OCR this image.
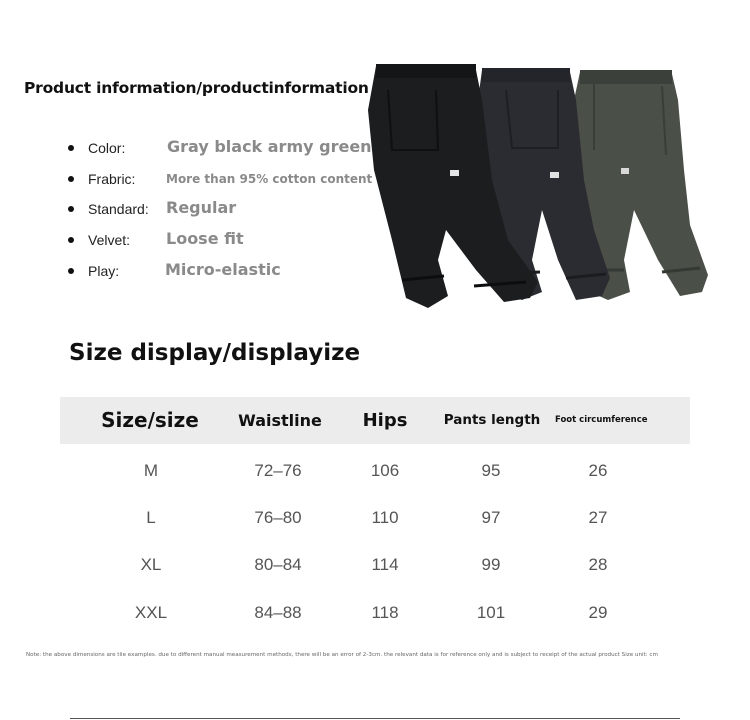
Product information/productinformation
Color:	Gray black army green
Frabric:	More than 95% cotton content
Standard: Regular
Velvet: Loose fit
Play:	Micro-elastic
Size display/displayize
Size/size	Waistline	Hips	Pants length	Foot circumference
M	72–76	106	95	26
L	76–80	110	97	27
XL	80–84	114	99	28
XXL	84–88	118	101	29
Note: the above dimensions are tile examples. due to different manual measurement methods, there will be an error of 2-3cm. the relevant data is for reference only and is subject to receipt of the actual product Size unit: cm
